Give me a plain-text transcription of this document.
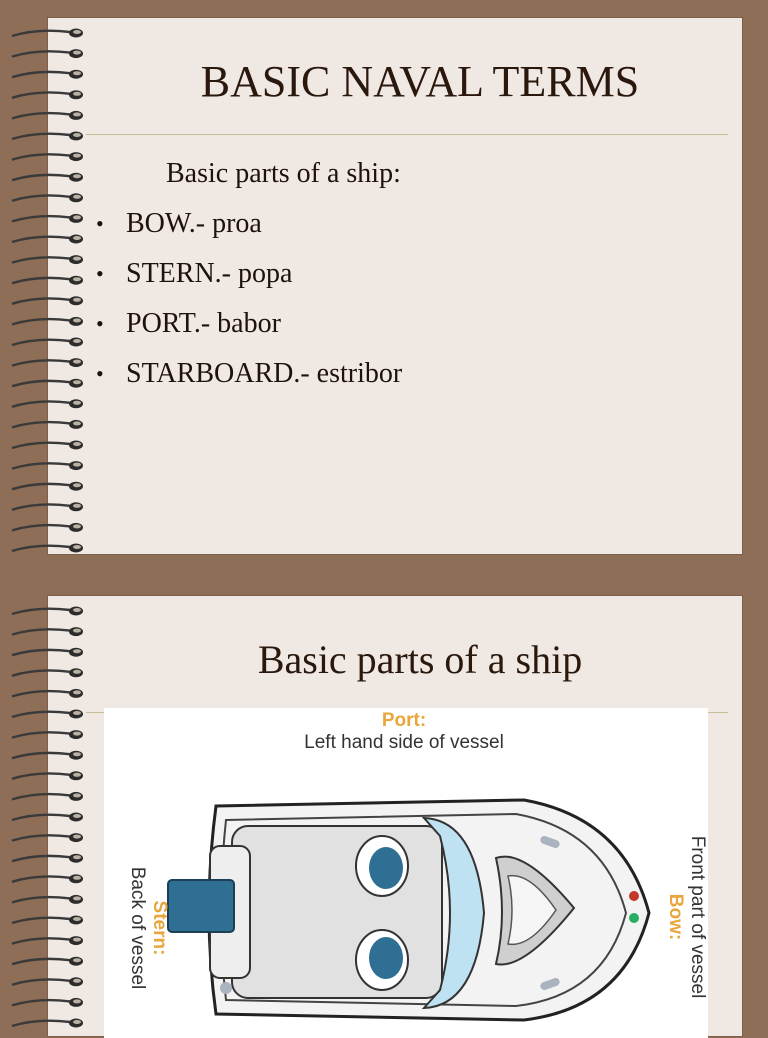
BASIC NAVAL TERMS
Basic parts of a ship:
• BOW.- proa
• STERN.- popa
• PORT.- babor
• STARBOARD.- estribor
Basic parts of a ship
Port:
Left hand side of vessel
Stern:
Back of vessel	Front part of vessel
Bow:
